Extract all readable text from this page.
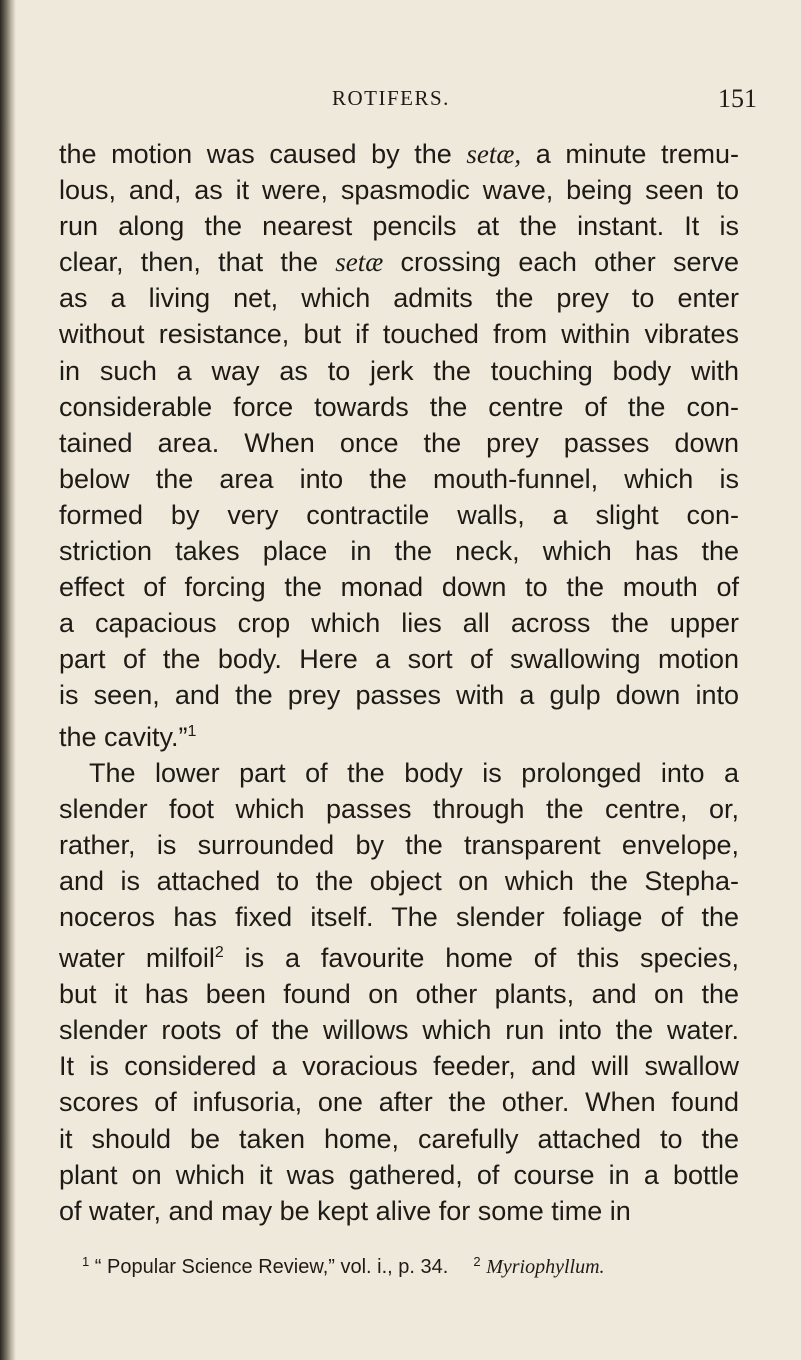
ROTIFERS.	151
the motion was caused by the setæ, a minute tremu-
lous, and, as it were, spasmodic wave, being seen to
run along the nearest pencils at the instant. It is
clear, then, that the setæ crossing each other serve
as a living net, which admits the prey to enter
without resistance, but if touched from within vibrates
in such a way as to jerk the touching body with
considerable force towards the centre of the con-
tained area. When once the prey passes down
below the area into the mouth-funnel, which is
formed by very contractile walls, a slight con-
striction takes place in the neck, which has the
effect of forcing the monad down to the mouth of
a capacious crop which lies all across the upper
part of the body. Here a sort of swallowing motion
is seen, and the prey passes with a gulp down into
the cavity.”$^1$
The lower part of the body is prolonged into a
slender foot which passes through the centre, or,
rather, is surrounded by the transparent envelope,
and is attached to the object on which the Stepha-
noceros has fixed itself. The slender foliage of the
water milfoil$^2$ is a favourite home of this species,
but it has been found on other plants, and on the
slender roots of the willows which run into the water.
It is considered a voracious feeder, and will swallow
scores of infusoria, one after the other. When found
it should be taken home, carefully attached to the
plant on which it was gathered, of course in a bottle
of water, and may be kept alive for some time in
$^1$ “ Popular Science Review,” vol. i., p. 34. $^2$ Myriophyllum.
